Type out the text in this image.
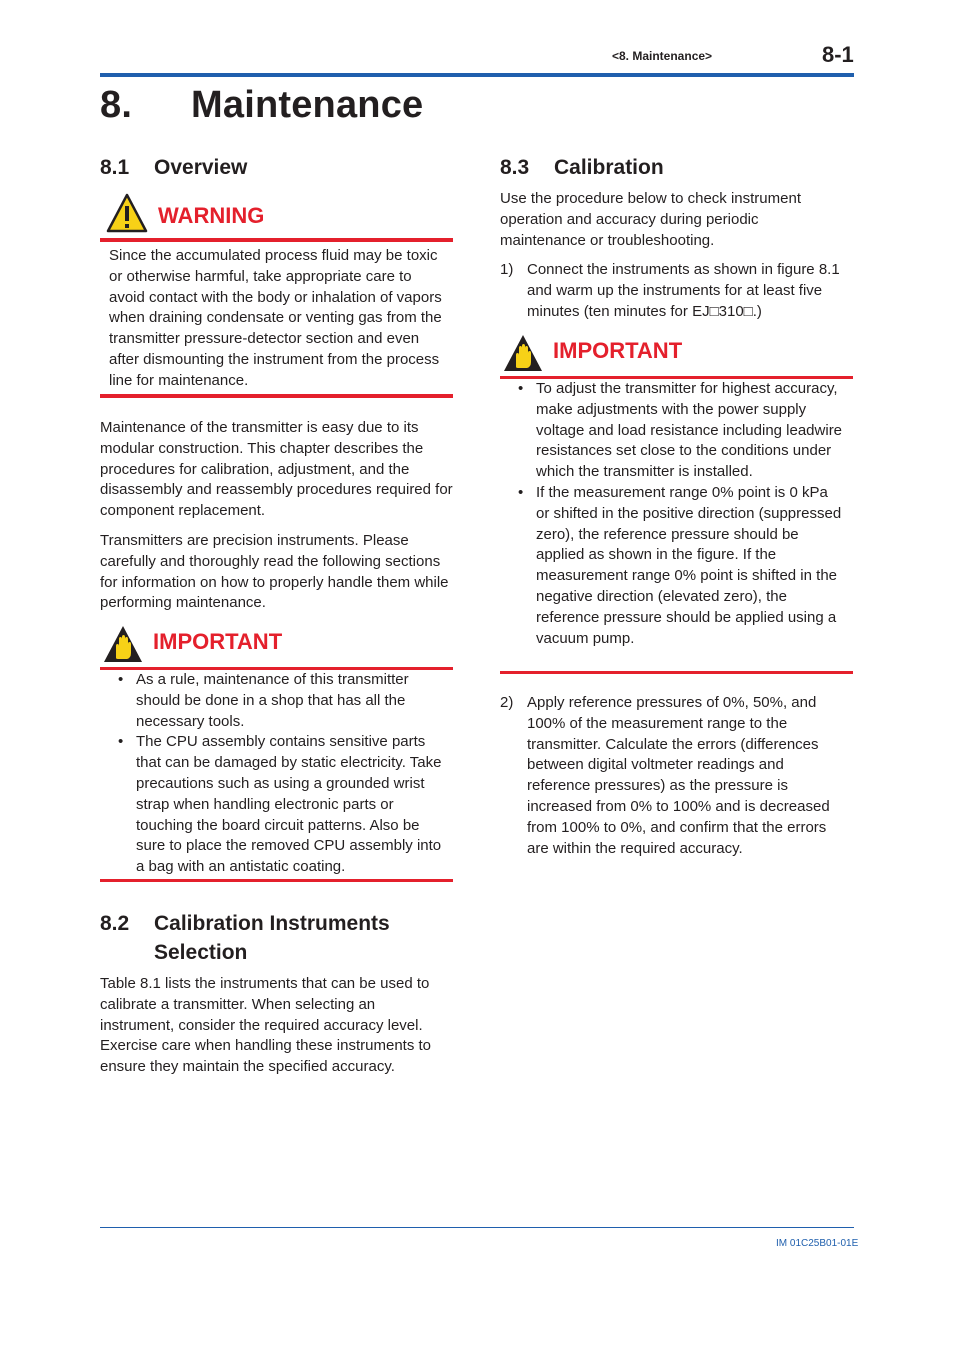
<8. Maintenance>	8-1
8. Maintenance
8.1 Overview
WARNING
Since the accumulated process fluid may be toxic or otherwise harmful, take appropriate care to avoid contact with the body or inhalation of vapors when draining condensate or venting gas from the transmitter pressure-detector section and even after dismounting the instrument from the process line for maintenance.

Maintenance of the transmitter is easy due to its modular construction. This chapter describes the procedures for calibration, adjustment, and the disassembly and reassembly procedures required for component replacement.

Transmitters are precision instruments. Please carefully and thoroughly read the following sections for information on how to properly handle them while performing maintenance.

IMPORTANT
• As a rule, maintenance of this transmitter should be done in a shop that has all the necessary tools.
• The CPU assembly contains sensitive parts that can be damaged by static electricity. Take precautions such as using a grounded wrist strap when handling electronic parts or touching the board circuit patterns. Also be sure to place the removed CPU assembly into a bag with an antistatic coating.
8.2 Calibration Instruments
Selection
Table 8.1 lists the instruments that can be used to calibrate a transmitter. When selecting an instrument, consider the required accuracy level. Exercise care when handling these instruments to ensure they maintain the specified accuracy.
8.3 Calibration
Use the procedure below to check instrument operation and accuracy during periodic maintenance or troubleshooting.
1) Connect the instruments as shown in figure 8.1 and warm up the instruments for at least five minutes (ten minutes for EJ□310□.)
IMPORTANT
• To adjust the transmitter for highest accuracy, make adjustments with the power supply voltage and load resistance including leadwire resistances set close to the conditions under which the transmitter is installed.
• If the measurement range 0% point is 0 kPa or shifted in the positive direction (suppressed zero), the reference pressure should be applied as shown in the figure. If the measurement range 0% point is shifted in the negative direction (elevated zero), the reference pressure should be applied using a vacuum pump.
2) Apply reference pressures of 0%, 50%, and 100% of the measurement range to the transmitter. Calculate the errors (differences between digital voltmeter readings and reference pressures) as the pressure is increased from 0% to 100% and is decreased from 100% to 0%, and confirm that the errors are within the required accuracy.
IM 01C25B01-01E
